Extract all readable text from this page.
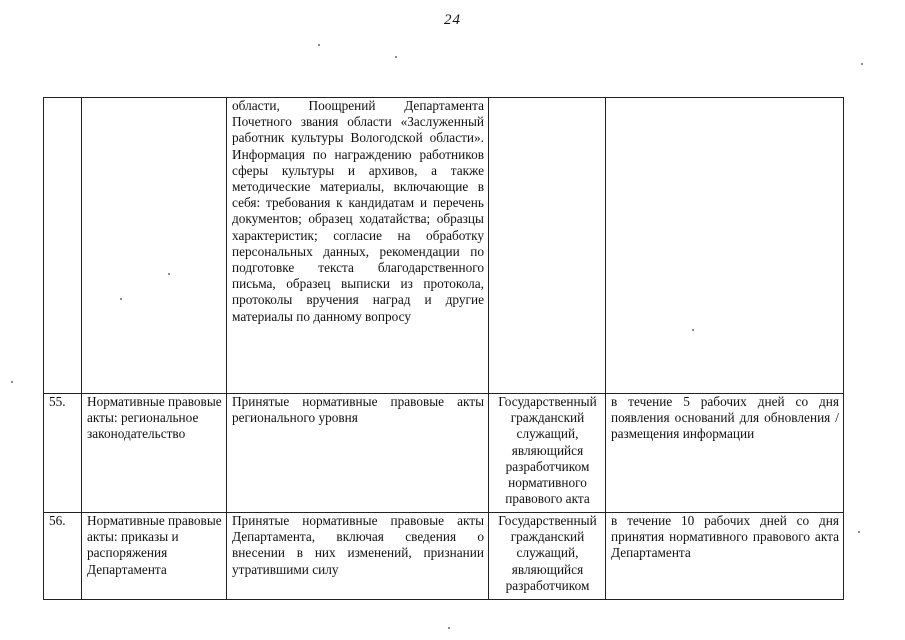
24
		области, Поощрений Департамента Почетного звания области «Заслуженный работник культуры Вологодской области». Информация по награждению работников сферы культуры и архивов, а также методические материалы, включающие в себя: требования к кандидатам и перечень документов; образец ходатайства; образцы характеристик; согласие на обработку персональных данных, рекомендации по подготовке текста благодарственного письма, образец выписки из протокола, протоколы вручения наград и другие материалы по данному вопросу		
55.	Нормативные правовые акты: региональное законодательство	Принятые нормативные правовые акты регионального уровня	Государственный гражданский служащий, являющийся разработчиком нормативного правового акта	в течение 5 рабочих дней со дня появления оснований для обновления /размещения информации
56.	Нормативные правовые акты: приказы и распоряжения Департамента	Принятые нормативные правовые акты Департамента, включая сведения о внесении в них изменений, признании утратившими силу	Государственный гражданский служащий, являющийся разработчиком	в течение 10 рабочих дней со дня принятия нормативного правового акта Департамента
